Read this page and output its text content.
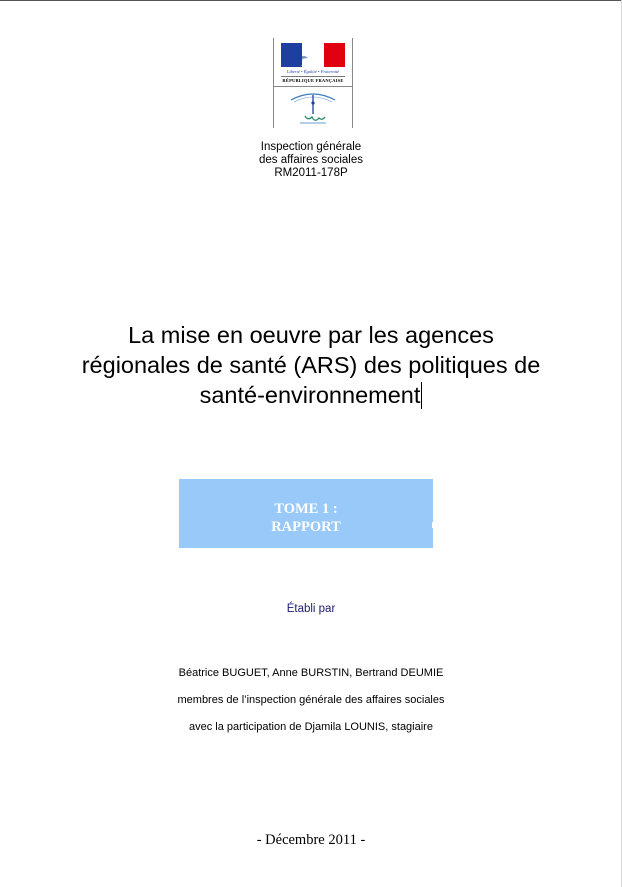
Liberté • Égalité • Fraternité
RÉPUBLIQUE FRANÇAISE
Inspection générale
des affaires sociales
RM2011-178P
La mise en oeuvre par les agences
régionales de santé (ARS) des politiques de
santé-environnement
TOME 1 :
RAPPORT
Établi par
Béatrice BUGUET, Anne BURSTIN, Bertrand DEUMIE
membres de l’inspection générale des affaires sociales
avec la participation de Djamila LOUNIS, stagiaire
- Décembre 2011 -
